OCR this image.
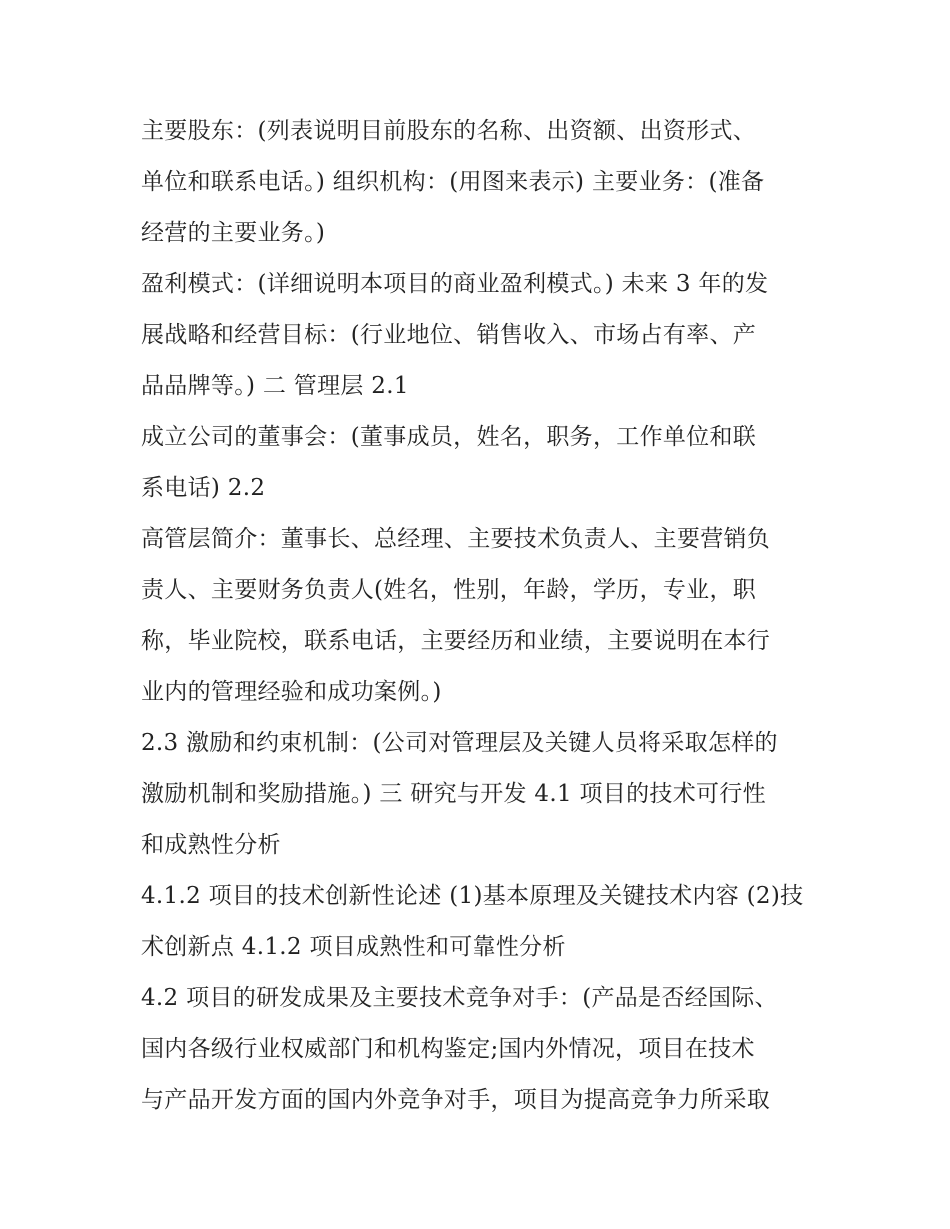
主要股东：(列表说明目前股东的名称、出资额、出资形式、
单位和联系电话。) 组织机构：(用图来表示) 主要业务：(准备
经营的主要业务。)
盈利模式：(详细说明本项目的商业盈利模式。) 未来 3 年的发
展战略和经营目标：(行业地位、销售收入、市场占有率、产
品品牌等。) 二 管理层 2.1
成立公司的董事会：(董事成员，姓名，职务，工作单位和联
系电话) 2.2
高管层简介：董事长、总经理、主要技术负责人、主要营销负
责人、主要财务负责人(姓名，性别，年龄，学历，专业，职
称，毕业院校，联系电话，主要经历和业绩，主要说明在本行
业内的管理经验和成功案例。)
2.3 激励和约束机制：(公司对管理层及关键人员将采取怎样的
激励机制和奖励措施。) 三 研究与开发 4.1 项目的技术可行性
和成熟性分析
4.1.2 项目的技术创新性论述 (1)基本原理及关键技术内容 (2)技
术创新点 4.1.2 项目成熟性和可靠性分析
4.2 项目的研发成果及主要技术竞争对手：(产品是否经国际、
国内各级行业权威部门和机构鉴定;国内外情况，项目在技术
与产品开发方面的国内外竞争对手，项目为提高竞争力所采取
